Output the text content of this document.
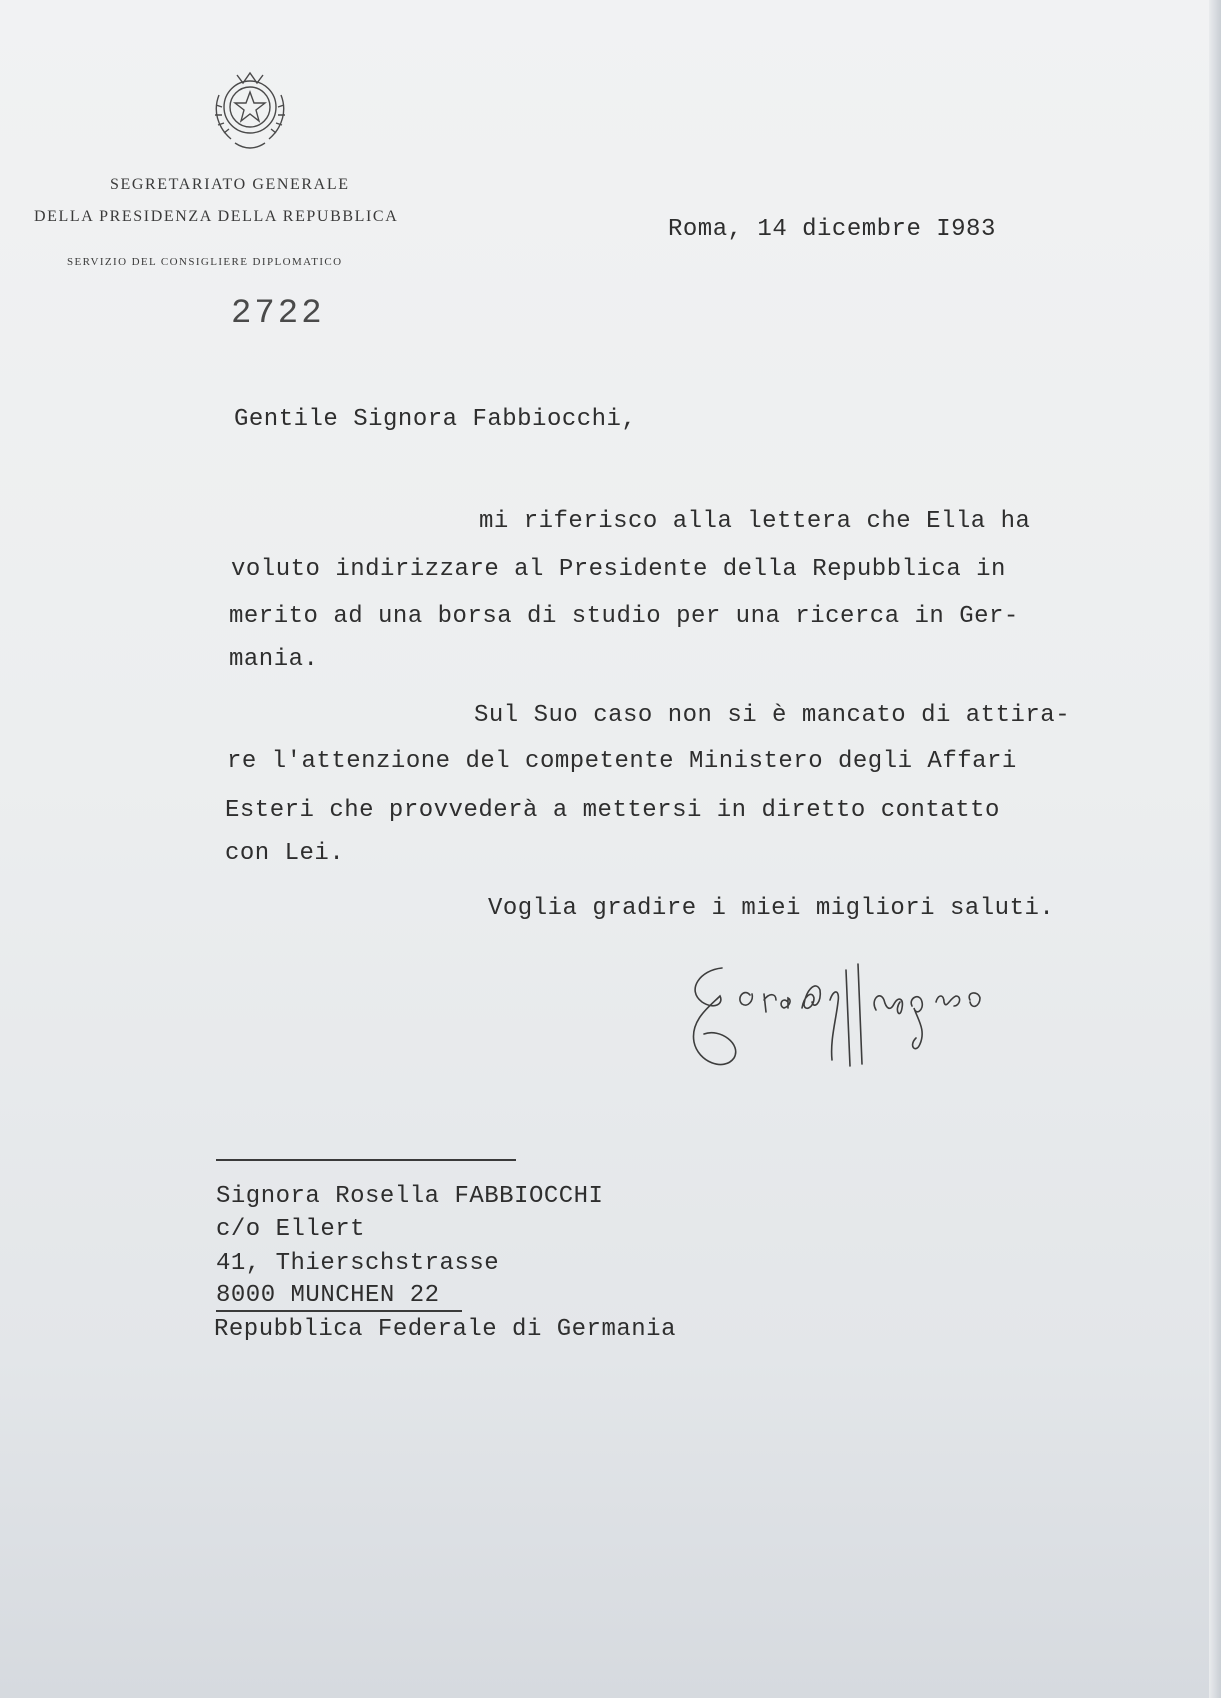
SEGRETARIATO GENERALE
DELLA PRESIDENZA DELLA REPUBBLICA
SERVIZIO DEL CONSIGLIERE DIPLOMATICO
2722
Roma, 14 dicembre I983
Gentile Signora Fabbiocchi,
mi riferisco alla lettera che Ella ha
voluto indirizzare al Presidente della Repubblica in
merito ad una borsa di studio per una ricerca in Ger-
mania.
Sul Suo caso non si è mancato di attira-
re l'attenzione del competente Ministero degli Affari
Esteri che provvederà a mettersi in diretto contatto
con Lei.
Voglia gradire i miei migliori saluti.
Signora Rosella FABBIOCCHI
c/o Ellert
41, Thierschstrasse
8000 MUNCHEN 22
Repubblica Federale di Germania
